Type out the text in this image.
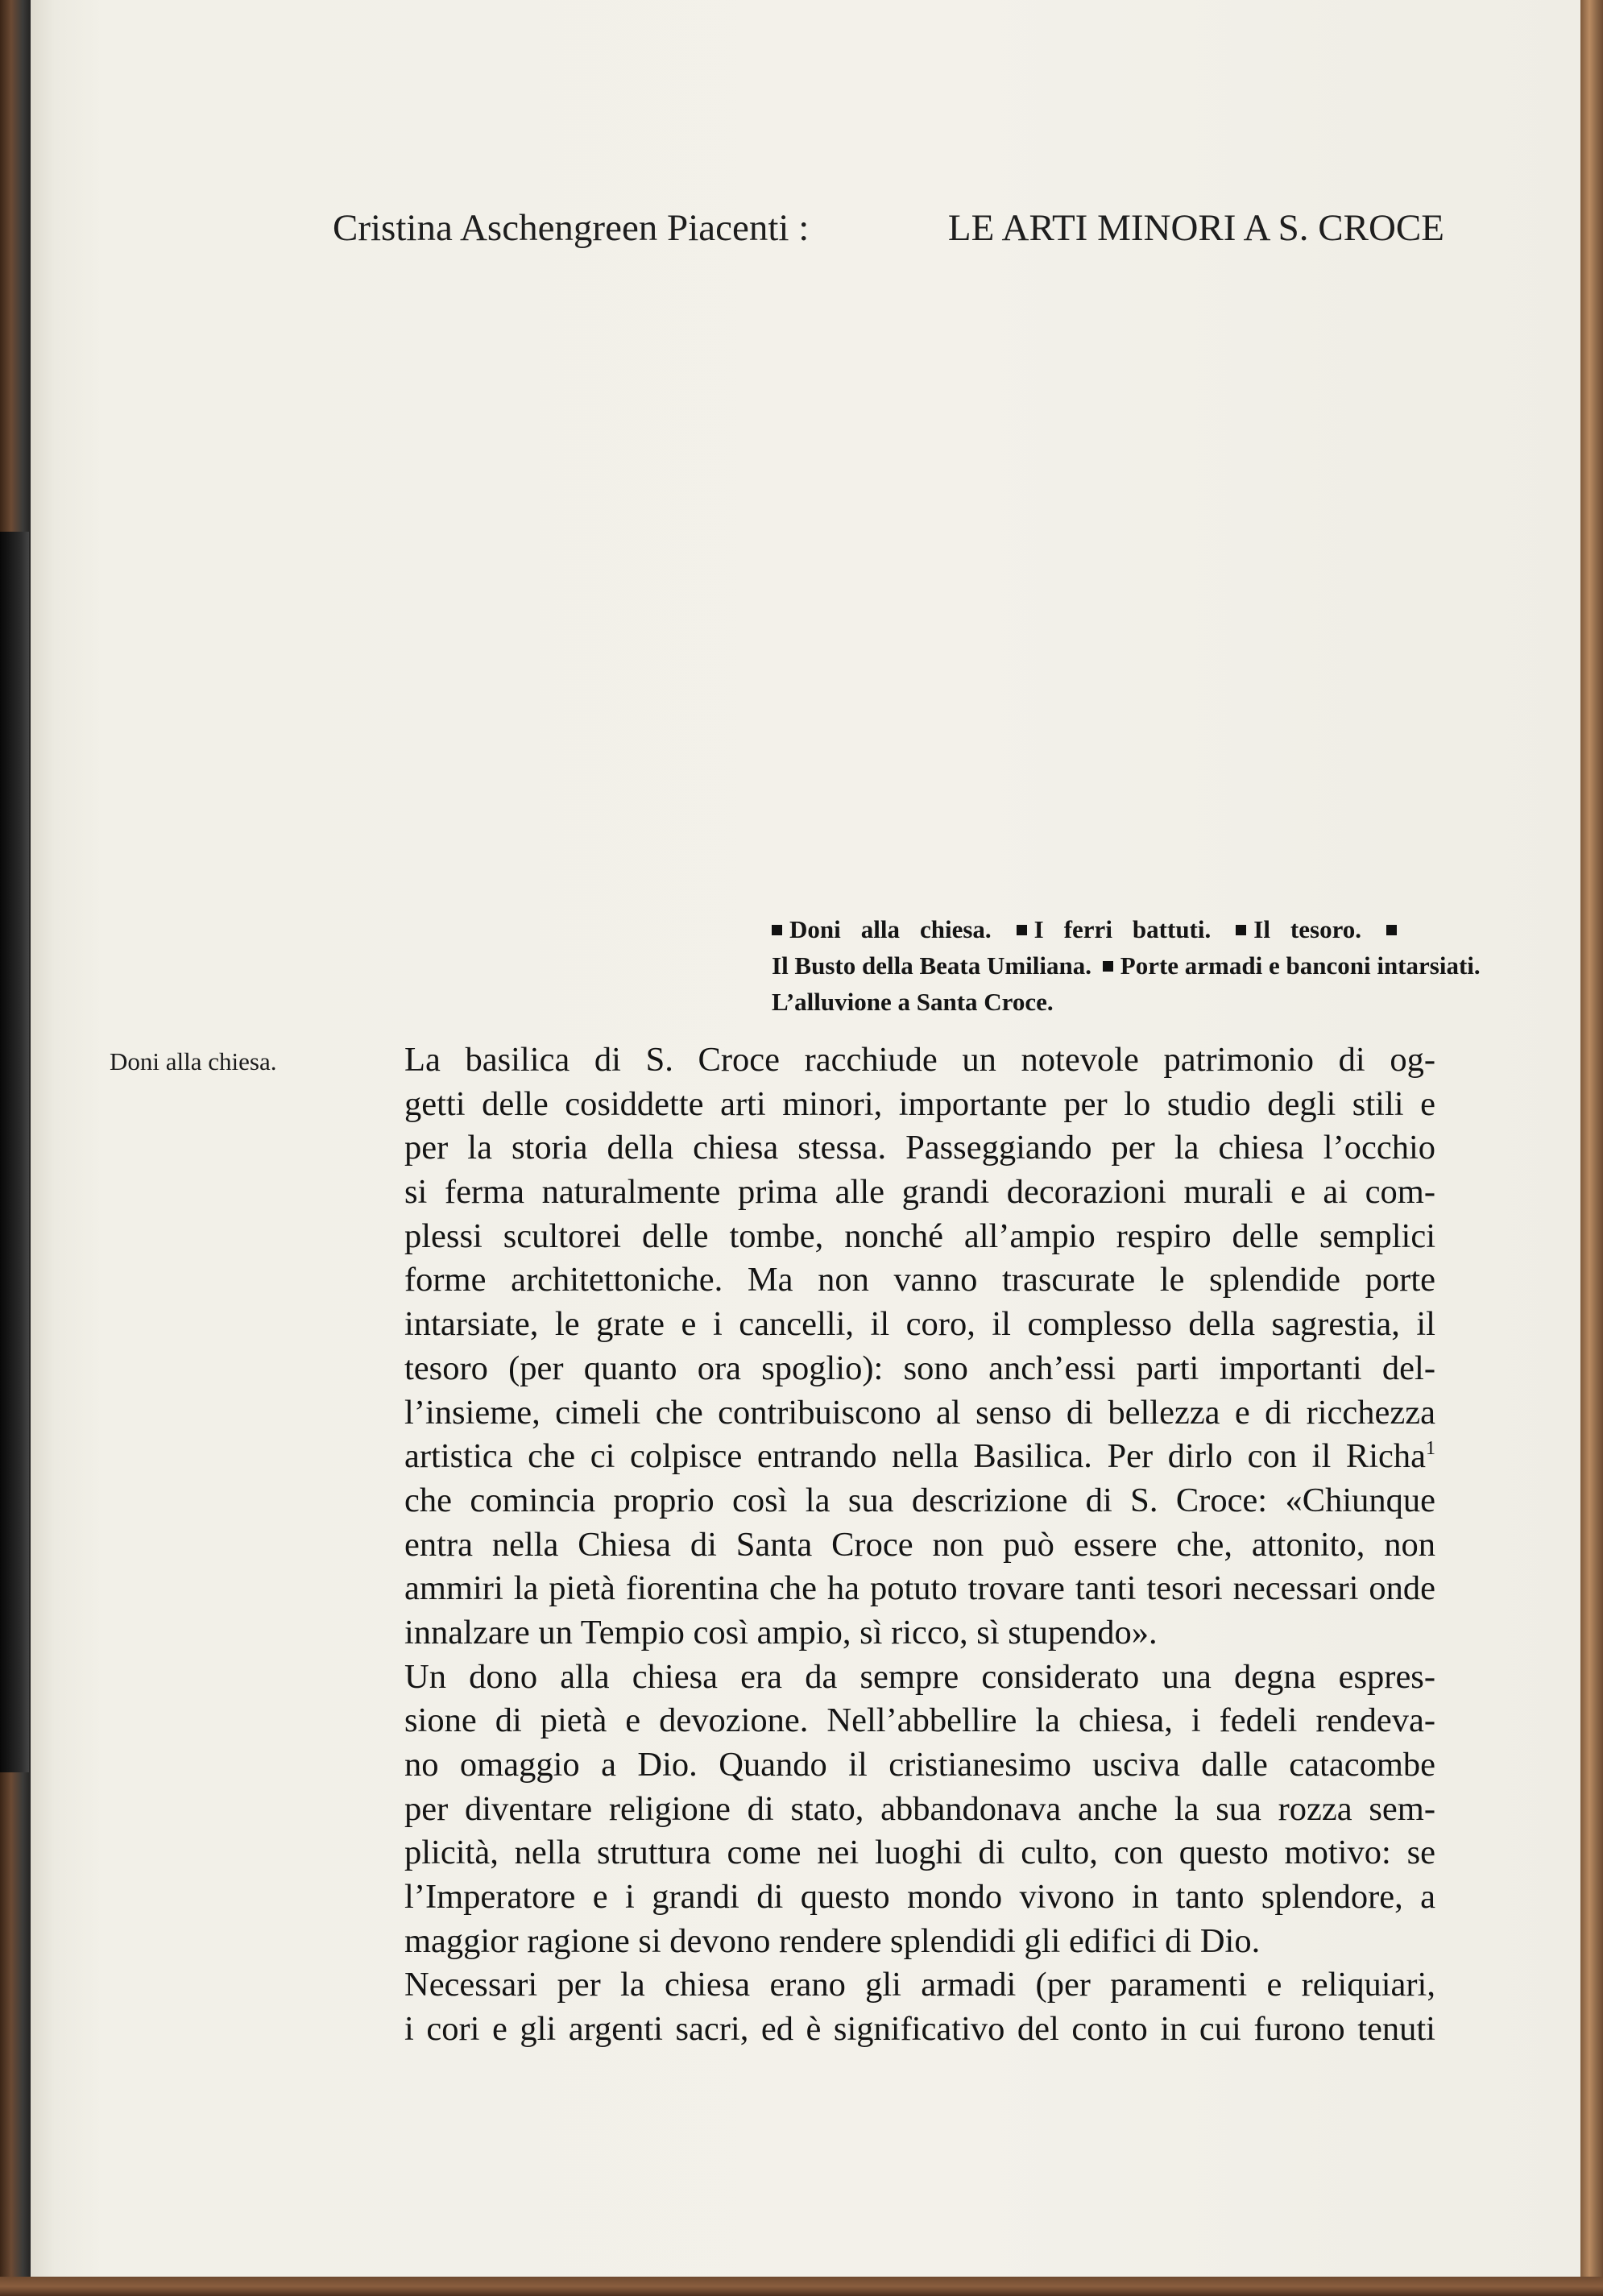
Cristina Aschengreen Piacenti :	LE ARTI MINORI A S. CROCE
Doni alla chiesa. I ferri battuti. Il tesoro.
Il Busto della Beata Umiliana. Porte armadi e banconi intarsiati.
L’alluvione a Santa Croce.
Doni alla chiesa.	La basilica di S. Croce racchiude un notevole patrimonio di og-
getti delle cosiddette arti minori, importante per lo studio degli stili e
per la storia della chiesa stessa. Passeggiando per la chiesa l’occhio
si ferma naturalmente prima alle grandi decorazioni murali e ai com-
plessi scultorei delle tombe, nonché all’ampio respiro delle semplici
forme architettoniche. Ma non vanno trascurate le splendide porte
intarsiate, le grate e i cancelli, il coro, il complesso della sagrestia, il
tesoro (per quanto ora spoglio): sono anch’essi parti importanti del-
l’insieme, cimeli che contribuiscono al senso di bellezza e di ricchezza
artistica che ci colpisce entrando nella Basilica. Per dirlo con il Richa$^1$
che comincia proprio così la sua descrizione di S. Croce: «Chiunque
entra nella Chiesa di Santa Croce non può essere che, attonito, non
ammiri la pietà fiorentina che ha potuto trovare tanti tesori necessari onde
innalzare un Tempio così ampio, sì ricco, sì stupendo».
Un dono alla chiesa era da sempre considerato una degna espres-
sione di pietà e devozione. Nell’abbellire la chiesa, i fedeli rendeva-
no omaggio a Dio. Quando il cristianesimo usciva dalle catacombe
per diventare religione di stato, abbandonava anche la sua rozza sem-
plicità, nella struttura come nei luoghi di culto, con questo motivo: se
l’Imperatore e i grandi di questo mondo vivono in tanto splendore, a
maggior ragione si devono rendere splendidi gli edifici di Dio.
Necessari per la chiesa erano gli armadi (per paramenti e reliquiari,
i cori e gli argenti sacri, ed è significativo del conto in cui furono tenuti
